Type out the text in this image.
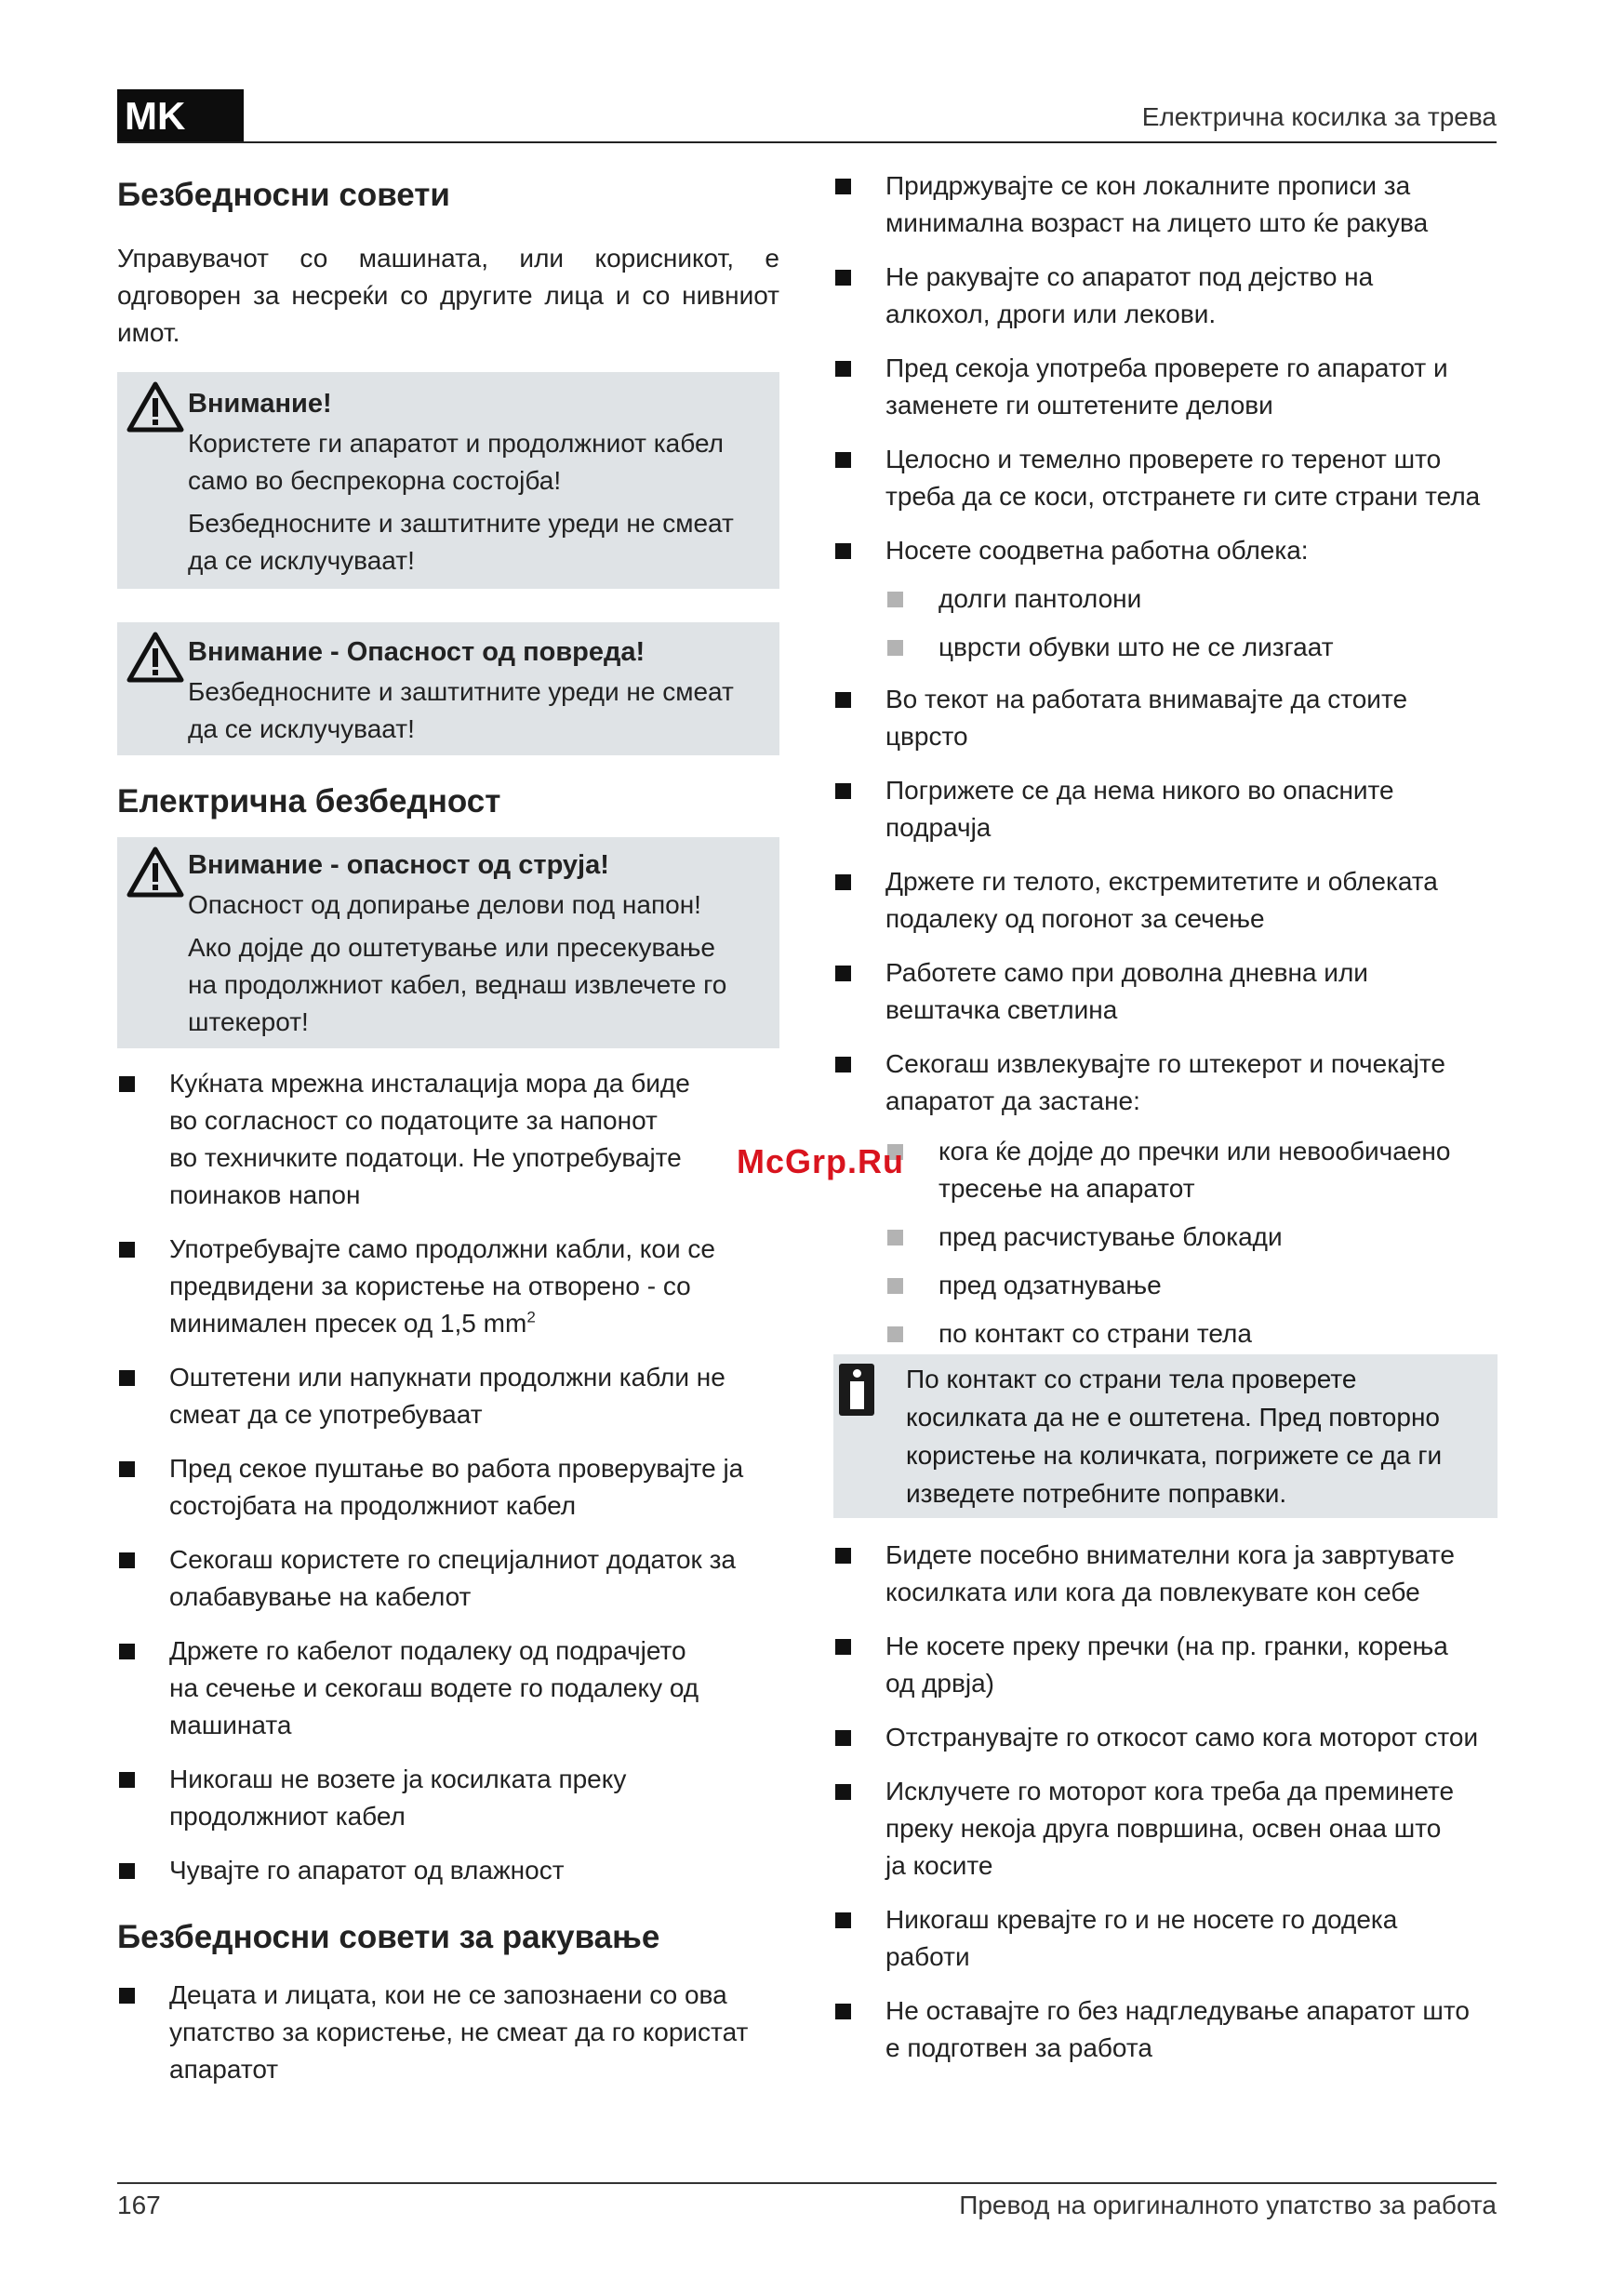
MK	Електрична косилка за трева
Безбедносни совети

Управувачот со машината, или корисникот, е одговорен за несреќи со другите лица и со нивниот имот.

Внимание!
Користете ги апаратот и продолжниот кабел
само во беспрекорна состојба!
Безбедносните и заштитните уреди не смеат
да се исклучуваат!
Внимание - Опасност од повреда!
Безбедносните и заштитните уреди не смеат
да се исклучуваат!
Електрична безбедност
Внимание - опасност од струја!
Опасност од допирање делови под напон!
Ако дојде до оштетување или пресекување
на продолжниот кабел, веднаш извлечете го
штекерот!
Куќната мрежна инсталација мора да биде
во согласност со податоците за напонот
во техничките податоци. Не употребувајте
поинаков напон
Употребувајте само продолжни кабли, кои се
предвидени за користење на отворено - со
минимален пресек од 1,5 $mm^2$
Оштетени или напукнати продолжни кабли не
смеат да се употребуваат
Пред секое пуштање во работа проверувајте ја
состојбата на продолжниот кабел
Секогаш користете го специјалниот додаток за
олабавување на кабелот
Држете го кабелот подалеку од подрачјето
на сечење и секогаш водете го подалеку од
машината
Никогаш не возете ја косилката преку
продолжниот кабел
Чувајте го апаратот од влажност
Безбедносни совети за ракување
Децата и лицата, кои не се запознаени со ова
упатство за користење, не смеат да го користат
апаратот
Придржувајте се кон локалните прописи за
минимална возраст на лицето што ќе ракува
Не ракувајте со апаратот под дејство на
алкохол, дроги или лекови.
Пред секоја употреба проверете го апаратот и
заменете ги оштетените делови
Целосно и темелно проверете го теренот што
треба да се коси, отстранете ги сите страни тела
Носете соодветна работна облека:
долги пантолони
цврсти обувки што не се лизгаат
Во текот на работата внимавајте да стоите
цврсто
Погрижете се да нема никого во опасните
подрачја
Држете ги телото, екстремитетите и облеката
подалеку од погонот за сечење
Работете само при доволна дневна или
вештачка светлина
Секогаш извлекувајте го штекерот и почекајте
апаратот да застане:
кога ќе дојде до пречки или невообичаено
тресење на апаратот
пред расчистување блокади
пред одзатнување
по контакт со страни тела
По контакт со страни тела проверете
косилката да не е оштетена. Пред повторно
користење на количката, погрижете се да ги
изведете потребните поправки.
Бидете посебно внимателни кога ја завртувате
косилката или кога да повлекувате кон себе
Не косете преку пречки (на пр. гранки, корења
од дрвја)
Отстранувајте го откосот само кога моторот стои
Исклучете го моторот кога треба да преминете
преку некоја друга површина, освен онаа што
ја косите
Никогаш кревајте го и не носете го додека
работи
Не оставајте го без надгледување апаратот што
е подготвен за работа
McGrp.Ru
167	Превод на оригиналното упатство за работа
